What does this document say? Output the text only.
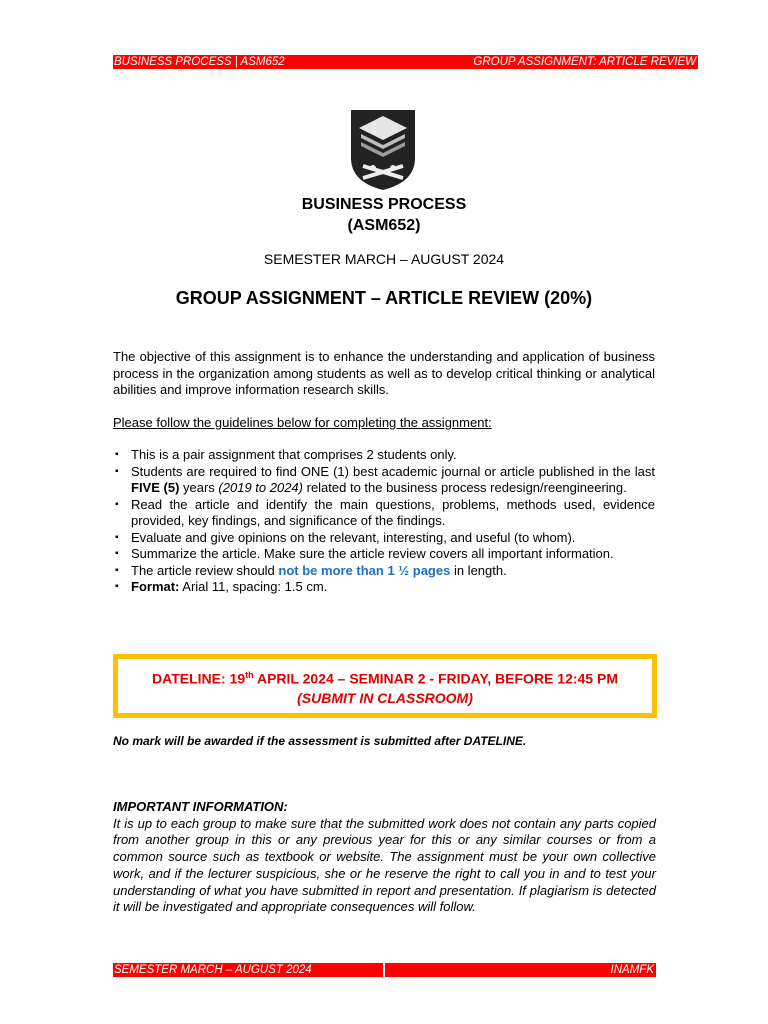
BUSINESS PROCESS | ASM652	GROUP ASSIGNMENT: ARTICLE REVIEW
BUSINESS PROCESS
(ASM652)
SEMESTER MARCH – AUGUST 2024
GROUP ASSIGNMENT – ARTICLE REVIEW (20%)
The objective of this assignment is to enhance the understanding and application of business process in the organization among students as well as to develop critical thinking or analytical abilities and improve information research skills.
Please follow the guidelines below for completing the assignment:
▪ This is a pair assignment that comprises 2 students only.
▪ Students are required to find ONE (1) best academic journal or article published in the last FIVE (5) years (2019 to 2024) related to the business process redesign/reengineering.
▪ Read the article and identify the main questions, problems, methods used, evidence provided, key findings, and significance of the findings.
▪ Evaluate and give opinions on the relevant, interesting, and useful (to whom).
▪ Summarize the article. Make sure the article review covers all important information.
▪ The article review should not be more than 1 ½ pages in length.
▪ Format: Arial 11, spacing: 1.5 cm.
DATELINE: 19th APRIL 2024 – SEMINAR 2 - FRIDAY, BEFORE 12:45 PM
(SUBMIT IN CLASSROOM)
No mark will be awarded if the assessment is submitted after DATELINE.
IMPORTANT INFORMATION:
It is up to each group to make sure that the submitted work does not contain any parts copied from another group in this or any previous year for this or any similar courses or from a common source such as textbook or website. The assignment must be your own collective work, and if the lecturer suspicious, she or he reserve the right to call you in and to test your understanding of what you have submitted in report and presentation. If plagiarism is detected it will be investigated and appropriate consequences will follow.
SEMESTER MARCH – AUGUST 2024	INAMFK
